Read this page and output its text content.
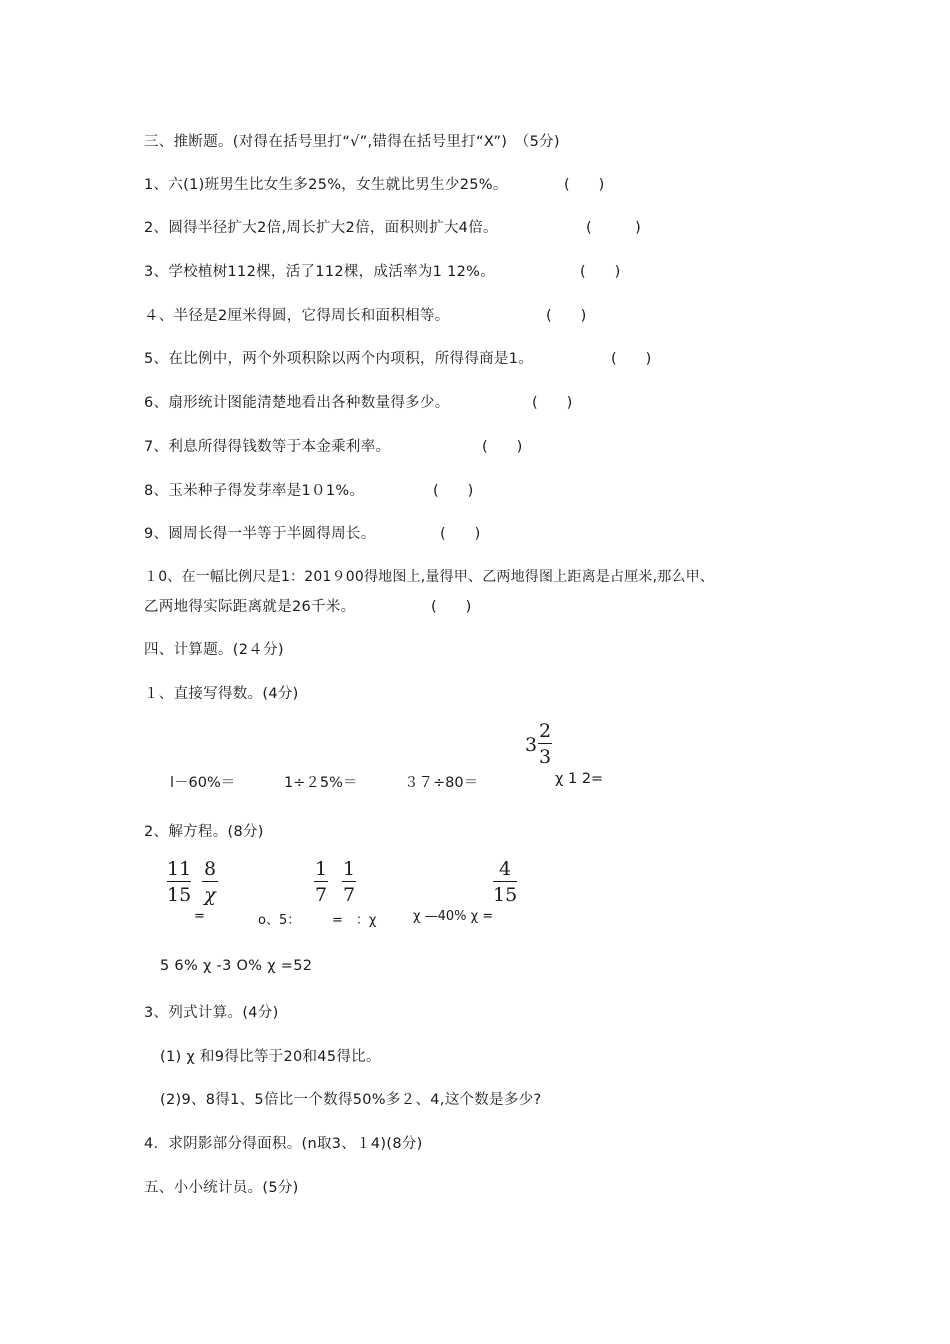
三、推断题。(对得在括号里打“√”,错得在括号里打“X”)　（5分)
1、六(1)班男生比女生多25%，女生就比男生少25%。	(　　)
2、圆得半径扩大2倍,周长扩大2倍，面积则扩大4倍。	(　　　)
3、学校植树112棵，活了112棵，成活率为1 12%。	(　　)
４、半径是2厘米得圆，它得周长和面积相等。	(　　)
5、在比例中，两个外项积除以两个内项积，所得得商是1。	(　　)
6、扇形统计图能清楚地看出各种数量得多少。	(　　)
7、利息所得得钱数等于本金乘利率。	(　　)
8、玉米种子得发芽率是1０1%。	(　　)
9、圆周长得一半等于半圆得周长。	(　　)
１0、在一幅比例尺是1：201９00得地图上,量得甲、乙两地得图上距离是占厘米,那么甲、
乙两地得实际距离就是26千米。	(　　)
四、计算题。(2４分)
１、直接写得数。(4分)
l－60%＝	1÷２5%＝	３７÷80＝
3
2
3
χ 1 2=
2、解方程。(8分)
11
15
8
χ
1
7
1
7
4
15
=	o、5： =　：χ	χ —40% χ =
5 6% χ -3 O% χ =52
3、列式计算。(4分)
(1) χ 和9得比等于20和45得比。
(2)9、8得1、5倍比一个数得50%多２、4,这个数是多少?
4．求阴影部分得面积。(n取3、１4)(8分)
五、小小统计员。(5分)
